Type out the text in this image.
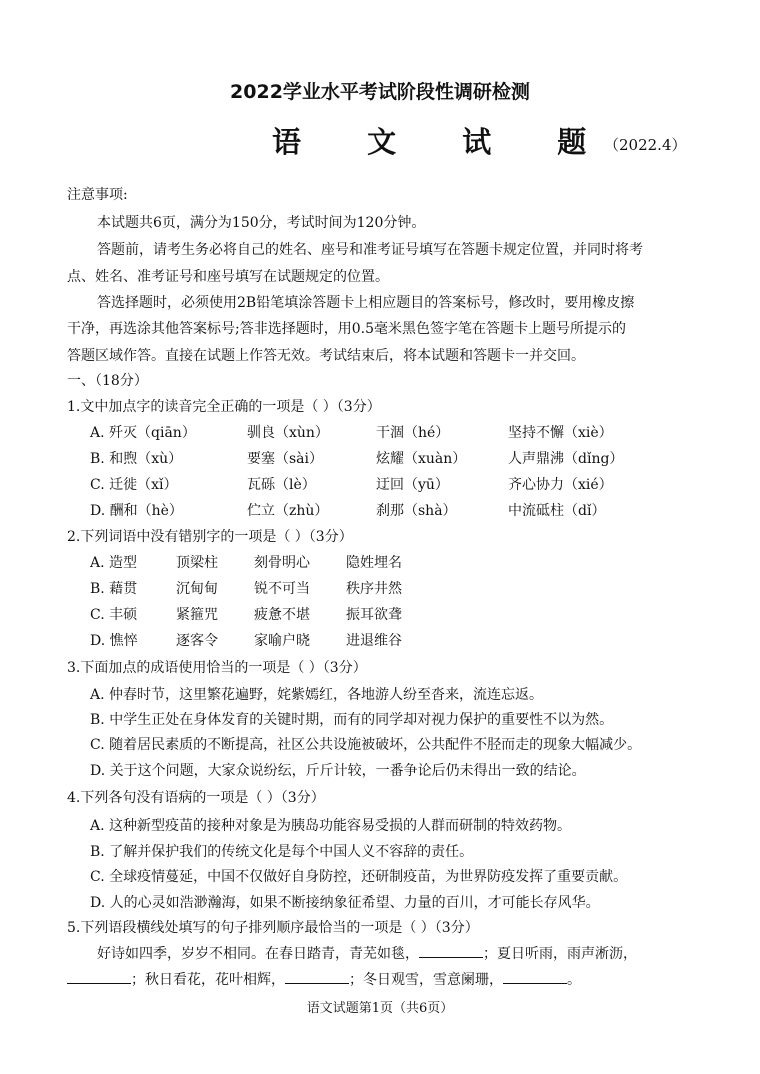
2022学业水平考试阶段性调研检测
语 文 试 题
（2022.4）
注意事项:
本试题共6页，满分为150分，考试时间为120分钟。
答题前，请考生务必将自己的姓名、座号和准考证号填写在答题卡规定位置，并同时将考
点、姓名、准考证号和座号填写在试题规定的位置。
答选择题时，必须使用2B铅笔填涂答题卡上相应题目的答案标号，修改时，要用橡皮擦
干净，再选涂其他答案标号;答非选择题时，用0.5毫米黑色签字笔在答题卡上题号所提示的
答题区域作答。直接在试题上作答无效。考试结束后，将本试题和答题卡一并交回。
一、（18分）
1.文中加点字的读音完全正确的一项是（ ）（3分）
A. 歼灭（qiān）	驯良（xùn）	干涸（hé）	坚持不懈（xiè）
B. 和煦（xù）	要塞（sài）	炫耀（xuàn）	人声鼎沸（dǐng）
C. 迁徙（xǐ）	瓦砾（lè）	迂回（yū）	齐心协力（xié）
D. 酬和（hè）	伫立（zhù）	刹那（shà）	中流砥柱（dǐ）
2.下列词语中没有错别字的一项是（ ）（3分）
A. 造型	顶梁柱	刻骨明心	隐姓埋名
B. 藉贯	沉甸甸	锐不可当	秩序井然
C. 丰硕	紧箍咒	疲惫不堪	振耳欲聋
D. 憔悴	逐客令	家喻户晓	进退维谷
3.下面加点的成语使用恰当的一项是（ ）（3分）
A. 仲春时节，这里繁花遍野，姹紫嫣红，各地游人纷至沓来，流连忘返。
B. 中学生正处在身体发育的关键时期，而有的同学却对视力保护的重要性不以为然。
C. 随着居民素质的不断提高，社区公共设施被破坏，公共配件不胫而走的现象大幅减少。
D. 关于这个问题，大家众说纷纭，斤斤计较，一番争论后仍未得出一致的结论。
4.下列各句没有语病的一项是（ ）（3分）
A. 这种新型疫苗的接种对象是为胰岛功能容易受损的人群而研制的特效药物。
B. 了解并保护我们的传统文化是每个中国人义不容辞的责任。
C. 全球疫情蔓延，中国不仅做好自身防控，还研制疫苗，为世界防疫发挥了重要贡献。
D. 人的心灵如浩渺瀚海，如果不断接纳象征希望、力量的百川，才可能长存风华。
5.下列语段横线处填写的句子排列顺序最恰当的一项是（ ）（3分）
好诗如四季，岁岁不相同。在春日踏青，青芜如毯，	；夏日听雨，雨声淅沥，
；秋日看花，花叶相辉，	；冬日观雪，雪意阑珊，	。
语文试题第1页（共6页）
